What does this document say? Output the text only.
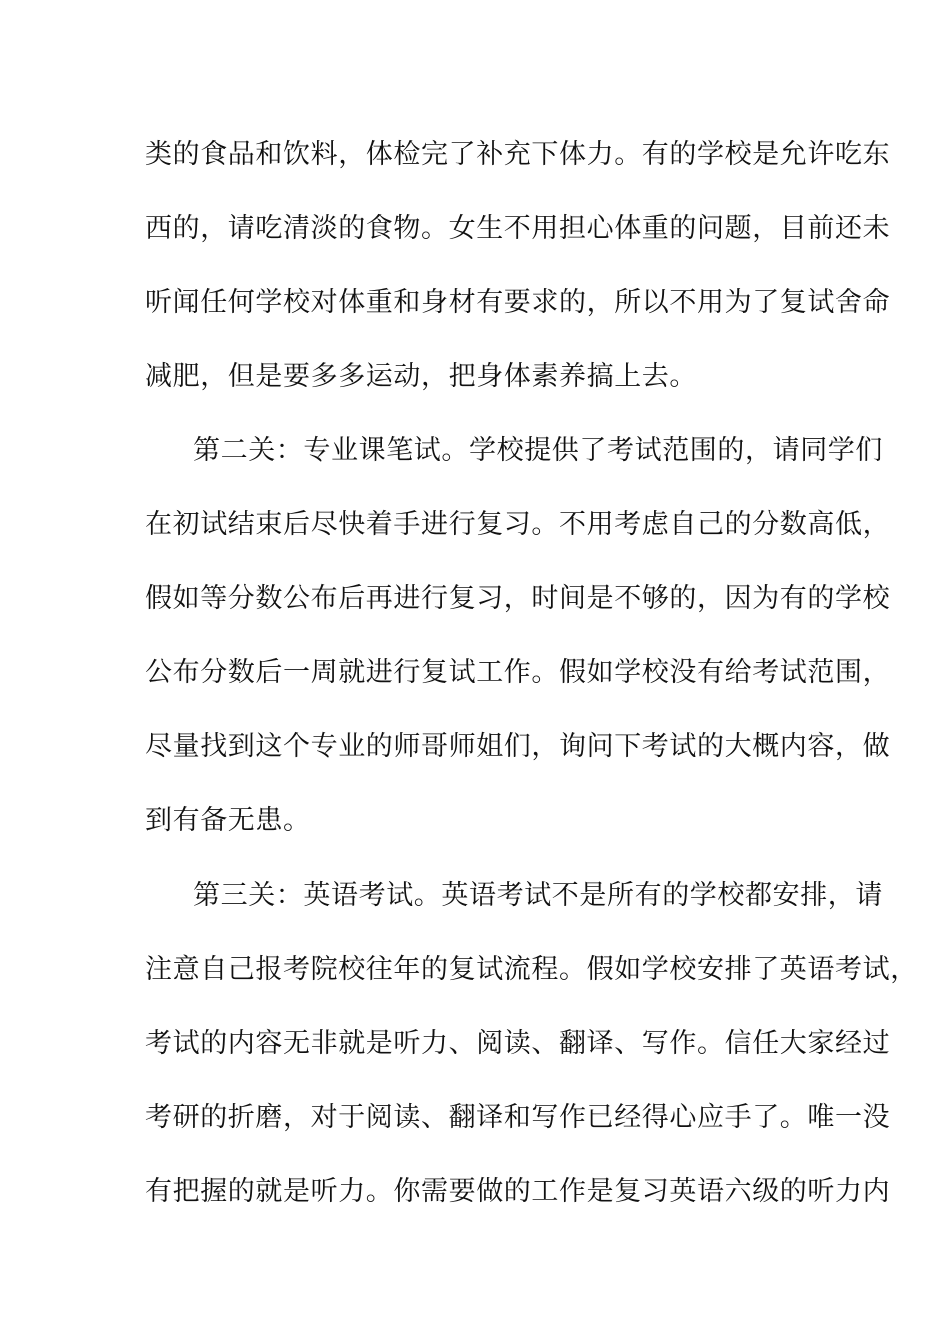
类的食品和饮料，体检完了补充下体力。有的学校是允许吃东
西的，请吃清淡的食物。女生不用担心体重的问题，目前还未
听闻任何学校对体重和身材有要求的，所以不用为了复试舍命
减肥，但是要多多运动，把身体素养搞上去。
第二关：专业课笔试。学校提供了考试范围的，请同学们
在初试结束后尽快着手进行复习。不用考虑自己的分数高低，
假如等分数公布后再进行复习，时间是不够的，因为有的学校
公布分数后一周就进行复试工作。假如学校没有给考试范围，
尽量找到这个专业的师哥师姐们，询问下考试的大概内容，做
到有备无患。
第三关：英语考试。英语考试不是所有的学校都安排，请
注意自己报考院校往年的复试流程。假如学校安排了英语考试，
考试的内容无非就是听力、阅读、翻译、写作。信任大家经过
考研的折磨，对于阅读、翻译和写作已经得心应手了。唯一没
有把握的就是听力。你需要做的工作是复习英语六级的听力内
